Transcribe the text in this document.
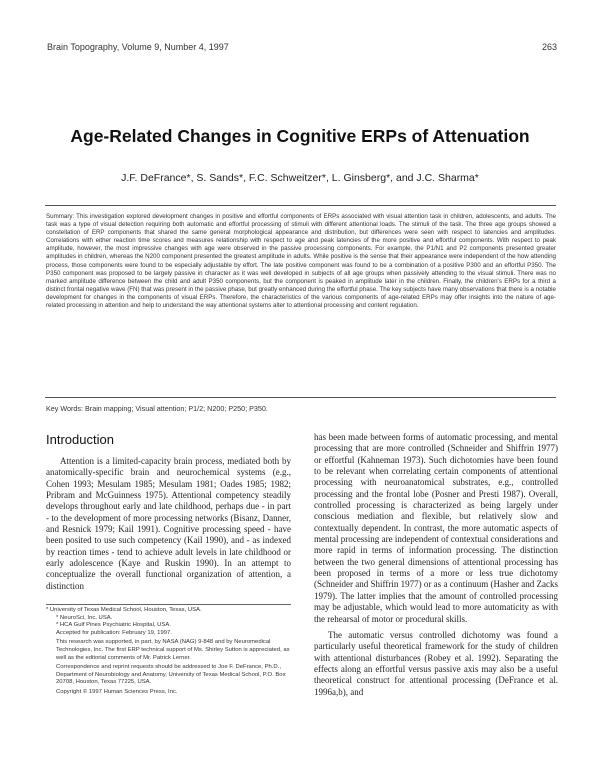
Brain Topography, Volume 9, Number 4, 1997	263
Age-Related Changes in Cognitive ERPs of Attenuation
J.F. DeFrance*, S. Sands*, F.C. Schweitzer*, L. Ginsberg*, and J.C. Sharma*

Summary: This investigation explored development changes in positive and effortful components of ERPs associated with visual attention task in children, adolescents, and adults. The task was a type of visual detection requiring both automatic and effortful processing of stimuli with different attentional loads. The stimuli of the task. The three age groups showed a constellation of ERP components that shared the same general morphological appearance and distribution, but differences were seen with respect to latencies and amplitudes. Correlations with either reaction time scores and measures relationship with respect to age and peak latencies of the more positive and effortful components. With respect to peak amplitude, however, the most impressive changes with age were observed in the passive processing components. For example, the P1/N1 and P2 components presented greater amplitudes in children, whereas the N200 component presented the greatest amplitude in adults. While positive is the sense that their appearance were independent of the how attending process, those components were found to be especially adjustable by effort. The late positive component was found to be a combination of a positive P300 and an effortful P350. The P350 component was proposed to be largely passive in character as it was well developed in subjects of all age groups when passively attending to the visual stimuli. There was no marked amplitude difference between the child and adult P350 components, but the component is peaked in amplitude later in the children. Finally, the children's ERPs for a third a distinct frontal negative wave (FN) that was present in the passive phase, but greatly enhanced during the effortful phase. The key subjects have many observations that there is a notable development for changes in the components of visual ERPs. Therefore, the characteristics of the various components of age-related ERPs may offer insights into the nature of age-related processing in attention and help to understand the way attentional systems alter to attentional processing and content regulation.

Key Words: Brain mapping; Visual attention; P1/2; N200; P250; P350.
Introduction

Attention is a limited-capacity brain process, mediated both by anatomically-specific brain and neurochemical systems (e.g., Cohen 1993; Mesulam 1985; Mesulam 1981; Oades 1985; 1982; Pribram and McGuinness 1975). Attentional competency steadily develops throughout early and late childhood, perhaps due - in part - to the development of more processing networks (Bisanz, Danner, and Resnick 1979; Kail 1991). Cognitive processing speed - have been posited to use such competency (Kail 1990), and - as indexed by reaction times - tend to achieve adult levels in late childhood or early adolescence (Kaye and Ruskin 1990). In an attempt to conceptualize the overall functional organization of attention, a distinction

has been made between forms of automatic processing, and mental processing that are more controlled (Schneider and Shiffrin 1977) or effortful (Kahneman 1973). Such dichotomies have been found to be relevant when correlating certain components of attentional processing with neuroanatomical substrates, e.g., controlled processing and the frontal lobe (Posner and Presti 1987). Overall, controlled processing is characterized as being largely under conscious mediation and flexible, but relatively slow and contextually dependent. In contrast, the more automatic aspects of mental processing are independent of contextual considerations and more rapid in terms of information processing. The distinction between the two general dimensions of attentional processing has been proposed in terms of a more or less true dichotomy (Schneider and Shiffrin 1977) or as a continuum (Hasher and Zacks 1979). The latter implies that the amount of controlled processing may be adjustable, which would lead to more automaticity as with the rehearsal of motor or procedural skills.

The automatic versus controlled dichotomy was found a particularly useful theoretical framework for the study of children with attentional disturbances (Robey et al. 1992). Separating the effects along an effortful versus passive axis may also be a useful theoretical construct for attentional processing (DeFrance et al. 1996a,b), and

* University of Texas Medical School, Houston, Texas, USA.

* NeuroSci, Inc. USA.

* HCA Gulf Pines Psychiatric Hospital, USA.

Accepted for publication: February 19, 1997.

This research was supported, in part, by NASA (NAG) 9-848 and by Neuromedical Technologies, Inc. The first ERP technical support of Ms. Shirley Sutton is appreciated, as well as the editorial comments of Mr. Patrick Lerner.

Correspondence and reprint requests should be addressed to Joe F. DeFrance, Ph.D., Department of Neurobiology and Anatomy, University of Texas Medical School, P.O. Box 20708, Houston, Texas 77225, USA.

Copyright © 1997 Human Sciences Press, Inc.
